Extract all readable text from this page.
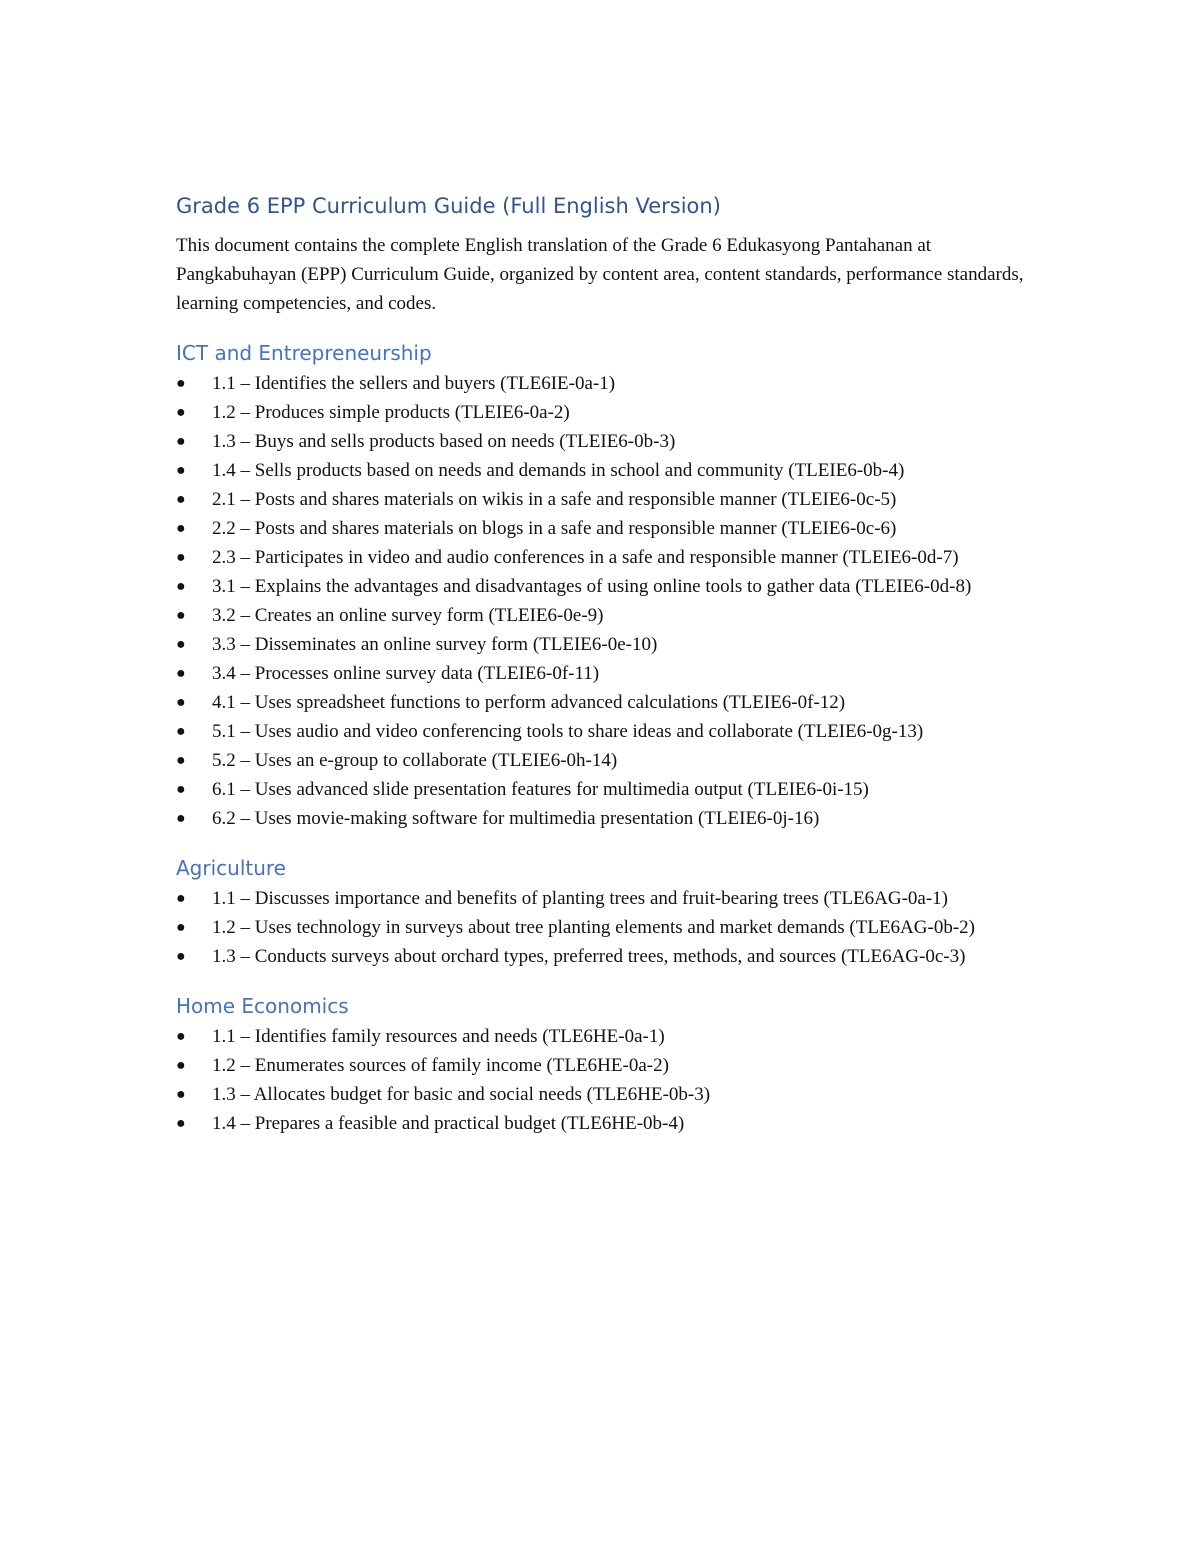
Grade 6 EPP Curriculum Guide (Full English Version)

This document contains the complete English translation of the Grade 6 Edukasyong Pantahanan at Pangkabuhayan (EPP) Curriculum Guide, organized by content area, content standards, performance standards, learning competencies, and codes.

ICT and Entrepreneurship
● 1.1 – Identifies the sellers and buyers (TLE6IE-0a-1)
● 1.2 – Produces simple products (TLEIE6-0a-2)
● 1.3 – Buys and sells products based on needs (TLEIE6-0b-3)
● 1.4 – Sells products based on needs and demands in school and community (TLEIE6-0b-4)
● 2.1 – Posts and shares materials on wikis in a safe and responsible manner (TLEIE6-0c-5)
● 2.2 – Posts and shares materials on blogs in a safe and responsible manner (TLEIE6-0c-6)
● 2.3 – Participates in video and audio conferences in a safe and responsible manner (TLEIE6-0d-7)
● 3.1 – Explains the advantages and disadvantages of using online tools to gather data (TLEIE6-0d-8)
● 3.2 – Creates an online survey form (TLEIE6-0e-9)
● 3.3 – Disseminates an online survey form (TLEIE6-0e-10)
● 3.4 – Processes online survey data (TLEIE6-0f-11)
● 4.1 – Uses spreadsheet functions to perform advanced calculations (TLEIE6-0f-12)
● 5.1 – Uses audio and video conferencing tools to share ideas and collaborate (TLEIE6-0g-13)
● 5.2 – Uses an e-group to collaborate (TLEIE6-0h-14)
● 6.1 – Uses advanced slide presentation features for multimedia output (TLEIE6-0i-15)
● 6.2 – Uses movie-making software for multimedia presentation (TLEIE6-0j-16)
Agriculture
● 1.1 – Discusses importance and benefits of planting trees and fruit-bearing trees (TLE6AG-0a-1)
● 1.2 – Uses technology in surveys about tree planting elements and market demands (TLE6AG-0b-2)
● 1.3 – Conducts surveys about orchard types, preferred trees, methods, and sources (TLE6AG-0c-3)
Home Economics
● 1.1 – Identifies family resources and needs (TLE6HE-0a-1)
● 1.2 – Enumerates sources of family income (TLE6HE-0a-2)
● 1.3 – Allocates budget for basic and social needs (TLE6HE-0b-3)
● 1.4 – Prepares a feasible and practical budget (TLE6HE-0b-4)
